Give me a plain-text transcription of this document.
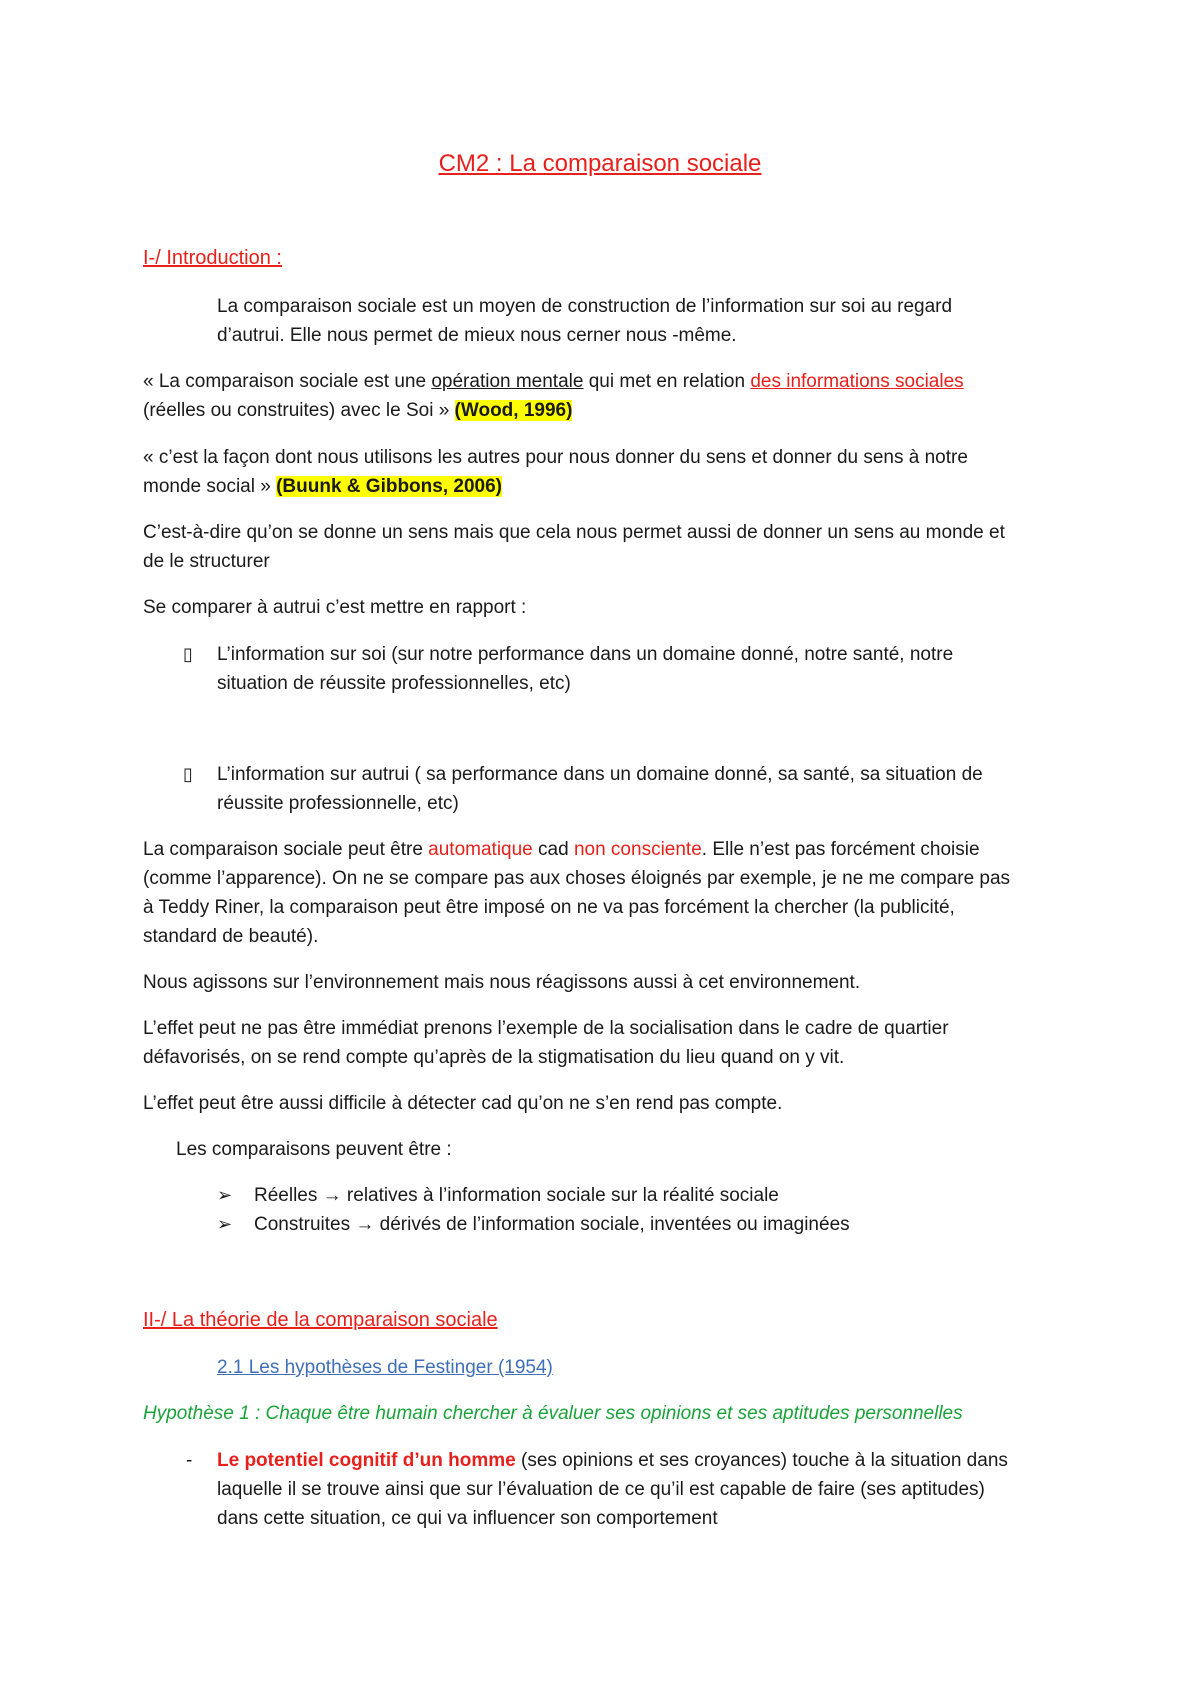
CM2 : La comparaison sociale
I-/ Introduction :
La comparaison sociale est un moyen de construction de l’information sur soi au regard
d’autrui. Elle nous permet de mieux nous cerner nous -même.
« La comparaison sociale est une opération mentale qui met en relation des informations sociales
(réelles ou construites) avec le Soi » (Wood, 1996)
« c’est la façon dont nous utilisons les autres pour nous donner du sens et donner du sens à notre
monde social » (Buunk & Gibbons, 2006)
C’est-à-dire qu’on se donne un sens mais que cela nous permet aussi de donner un sens au monde et
de le structurer
Se comparer à autrui c’est mettre en rapport :
▯ L’information sur soi (sur notre performance dans un domaine donné, notre santé, notre
situation de réussite professionnelles, etc)
▯ L’information sur autrui ( sa performance dans un domaine donné, sa santé, sa situation de
réussite professionnelle, etc)
La comparaison sociale peut être automatique cad non consciente. Elle n’est pas forcément choisie
(comme l’apparence). On ne se compare pas aux choses éloignés par exemple, je ne me compare pas
à Teddy Riner, la comparaison peut être imposé on ne va pas forcément la chercher (la publicité,
standard de beauté).
Nous agissons sur l’environnement mais nous réagissons aussi à cet environnement.
L’effet peut ne pas être immédiat prenons l’exemple de la socialisation dans le cadre de quartier
défavorisés, on se rend compte qu’après de la stigmatisation du lieu quand on y vit.
L’effet peut être aussi difficile à détecter cad qu’on ne s’en rend pas compte.
Les comparaisons peuvent être :
➢ Réelles → relatives à l’information sociale sur la réalité sociale
➢ Construites → dérivés de l’information sociale, inventées ou imaginées
II-/ La théorie de la comparaison sociale
2.1 Les hypothèses de Festinger (1954)
Hypothèse 1 : Chaque être humain chercher à évaluer ses opinions et ses aptitudes personnelles
- Le potentiel cognitif d’un homme (ses opinions et ses croyances) touche à la situation dans
laquelle il se trouve ainsi que sur l’évaluation de ce qu’il est capable de faire (ses aptitudes)
dans cette situation, ce qui va influencer son comportement
